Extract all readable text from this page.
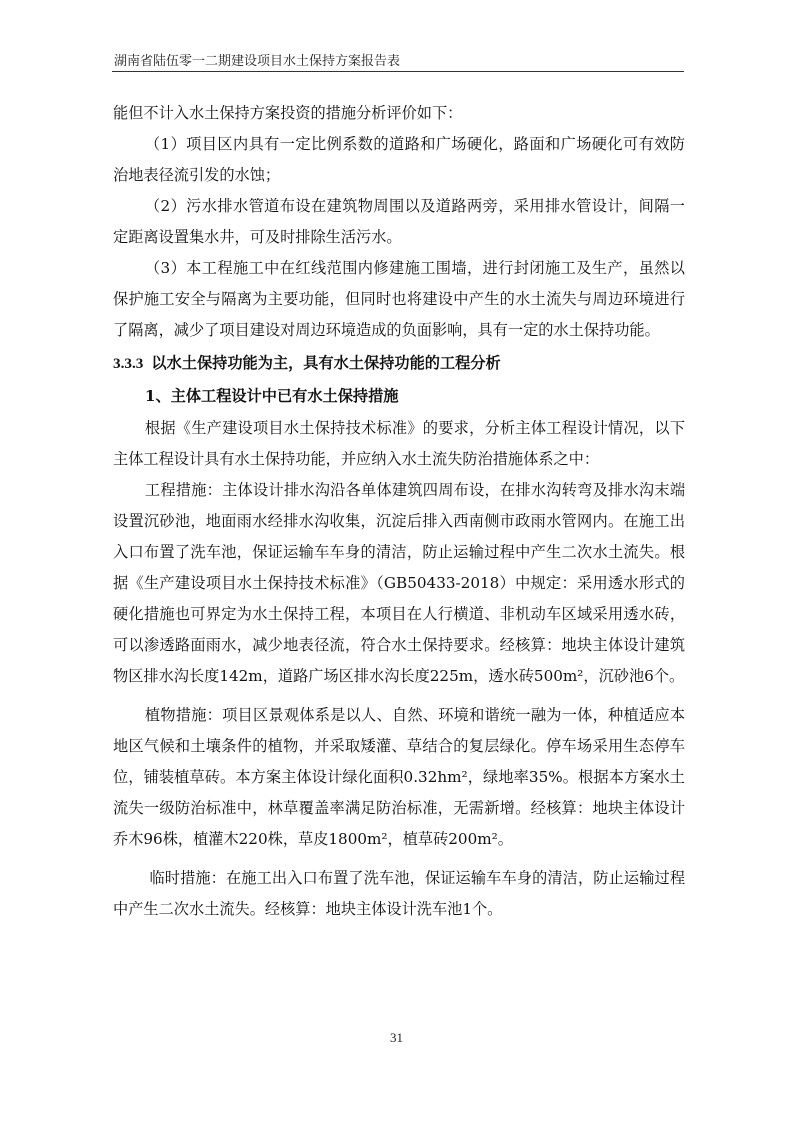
湖南省陆伍零一二期建设项目水土保持方案报告表

能但不计入水土保持方案投资的措施分析评价如下：

（1）项目区内具有一定比例系数的道路和广场硬化，路面和广场硬化可有效防治地表径流引发的水蚀；

（2）污水排水管道布设在建筑物周围以及道路两旁，采用排水管设计，间隔一定距离设置集水井，可及时排除生活污水。

（3）本工程施工中在红线范围内修建施工围墙，进行封闭施工及生产，虽然以保护施工安全与隔离为主要功能，但同时也将建设中产生的水土流失与周边环境进行了隔离，减少了项目建设对周边环境造成的负面影响，具有一定的水土保持功能。

3.3.3 以水土保持功能为主，具有水土保持功能的工程分析
1、主体工程设计中已有水土保持措施

根据《生产建设项目水土保持技术标准》的要求，分析主体工程设计情况，以下主体工程设计具有水土保持功能，并应纳入水土流失防治措施体系之中：

工程措施：主体设计排水沟沿各单体建筑四周布设，在排水沟转弯及排水沟末端设置沉砂池，地面雨水经排水沟收集，沉淀后排入西南侧市政雨水管网内。在施工出入口布置了洗车池，保证运输车车身的清洁，防止运输过程中产生二次水土流失。根据《生产建设项目水土保持技术标准》（GB50433-2018）中规定：采用透水形式的硬化措施也可界定为水土保持工程，本项目在人行横道、非机动车区域采用透水砖，可以渗透路面雨水，减少地表径流，符合水土保持要求。经核算：地块主体设计建筑物区排水沟长度142m，道路广场区排水沟长度225m，透水砖500m²，沉砂池6个。

植物措施：项目区景观体系是以人、自然、环境和谐统一融为一体，种植适应本地区气候和土壤条件的植物，并采取矮灌、草结合的复层绿化。停车场采用生态停车位，铺装植草砖。本方案主体设计绿化面积0.32hm²，绿地率35%。根据本方案水土流失一级防治标准中，林草覆盖率满足防治标准，无需新增。经核算：地块主体设计乔木96株，植灌木220株，草皮1800m²，植草砖200m²。

临时措施：在施工出入口布置了洗车池，保证运输车车身的清洁，防止运输过程中产生二次水土流失。经核算：地块主体设计洗车池1个。

31
